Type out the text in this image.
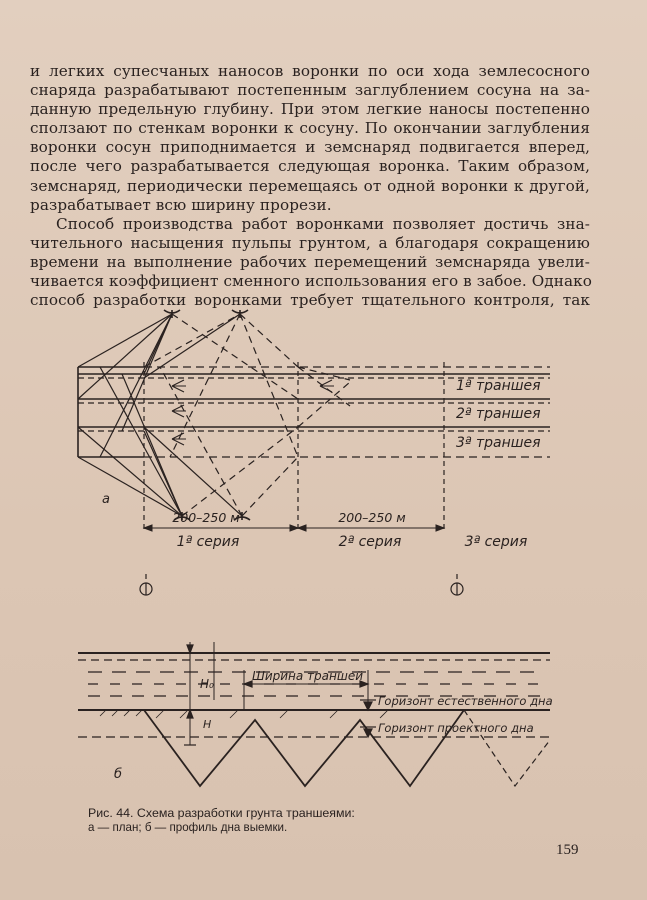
и легких супесчаных наносов воронки по оси хода землесосного
снаряда разрабатывают постепенным заглублением сосуна на за-
данную предельную глубину. При этом легкие наносы постепенно
сползают по стенкам воронки к сосуну. По окончании заглубления
воронки сосун приподнимается и земснаряд подвигается вперед,
после чего разрабатывается следующая воронка. Таким образом,
земснаряд, периодически перемещаясь от одной воронки к другой,
разрабатывает всю ширину прорези.

Способ производства работ воронками позволяет достичь зна-
чительного насыщения пульпы грунтом, а благодаря сокращению
времени на выполнение рабочих перемещений земснаряда увели-
чивается коэффициент сменного использования его в забое. Однако
способ разработки воронками требует тщательного контроля, так

1ª траншея
2ª траншея
3ª траншея
а
200–250 м	200–250 м
1ª серия	2ª серия	3ª серия
H₀
H
Ширина траншей
Горизонт естественного дна
Горизонт проектного дна
б
Рис. 44. Схема разработки грунта траншеями:
а — план; б — профиль дна выемки.
159
